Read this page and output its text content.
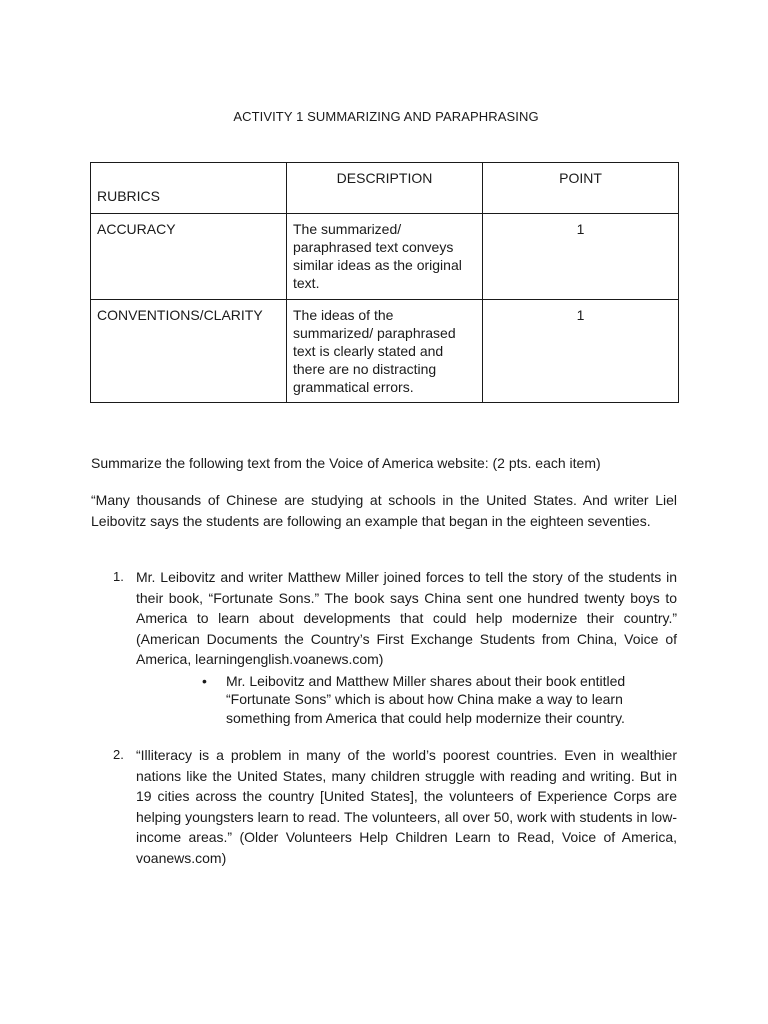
ACTIVITY 1 SUMMARIZING AND PARAPHRASING
RUBRICS	DESCRIPTION	POINT
ACCURACY	The summarized/ paraphrased text conveys similar ideas as the original text.	1
CONVENTIONS/CLARITY	The ideas of the summarized/ paraphrased text is clearly stated and there are no distracting grammatical errors.	1
Summarize the following text from the Voice of America website: (2 pts. each item)
“Many thousands of Chinese are studying at schools in the United States. And writer Liel Leibovitz says the students are following an example that began in the eighteen seventies.
1. Mr. Leibovitz and writer Matthew Miller joined forces to tell the story of the students in their book, “Fortunate Sons.” The book says China sent one hundred twenty boys to America to learn about developments that could help modernize their country.” (American Documents the Country’s First Exchange Students from China, Voice of America, learningenglish.voanews.com)
• Mr. Leibovitz and Matthew Miller shares about their book entitled “Fortunate Sons” which is about how China make a way to learn something from America that could help modernize their country.
2. “Illiteracy is a problem in many of the world’s poorest countries. Even in wealthier nations like the United States, many children struggle with reading and writing. But in 19 cities across the country [United States], the volunteers of Experience Corps are helping youngsters learn to read. The volunteers, all over 50, work with students in low-income areas.” (Older Volunteers Help Children Learn to Read, Voice of America, voanews.com)
